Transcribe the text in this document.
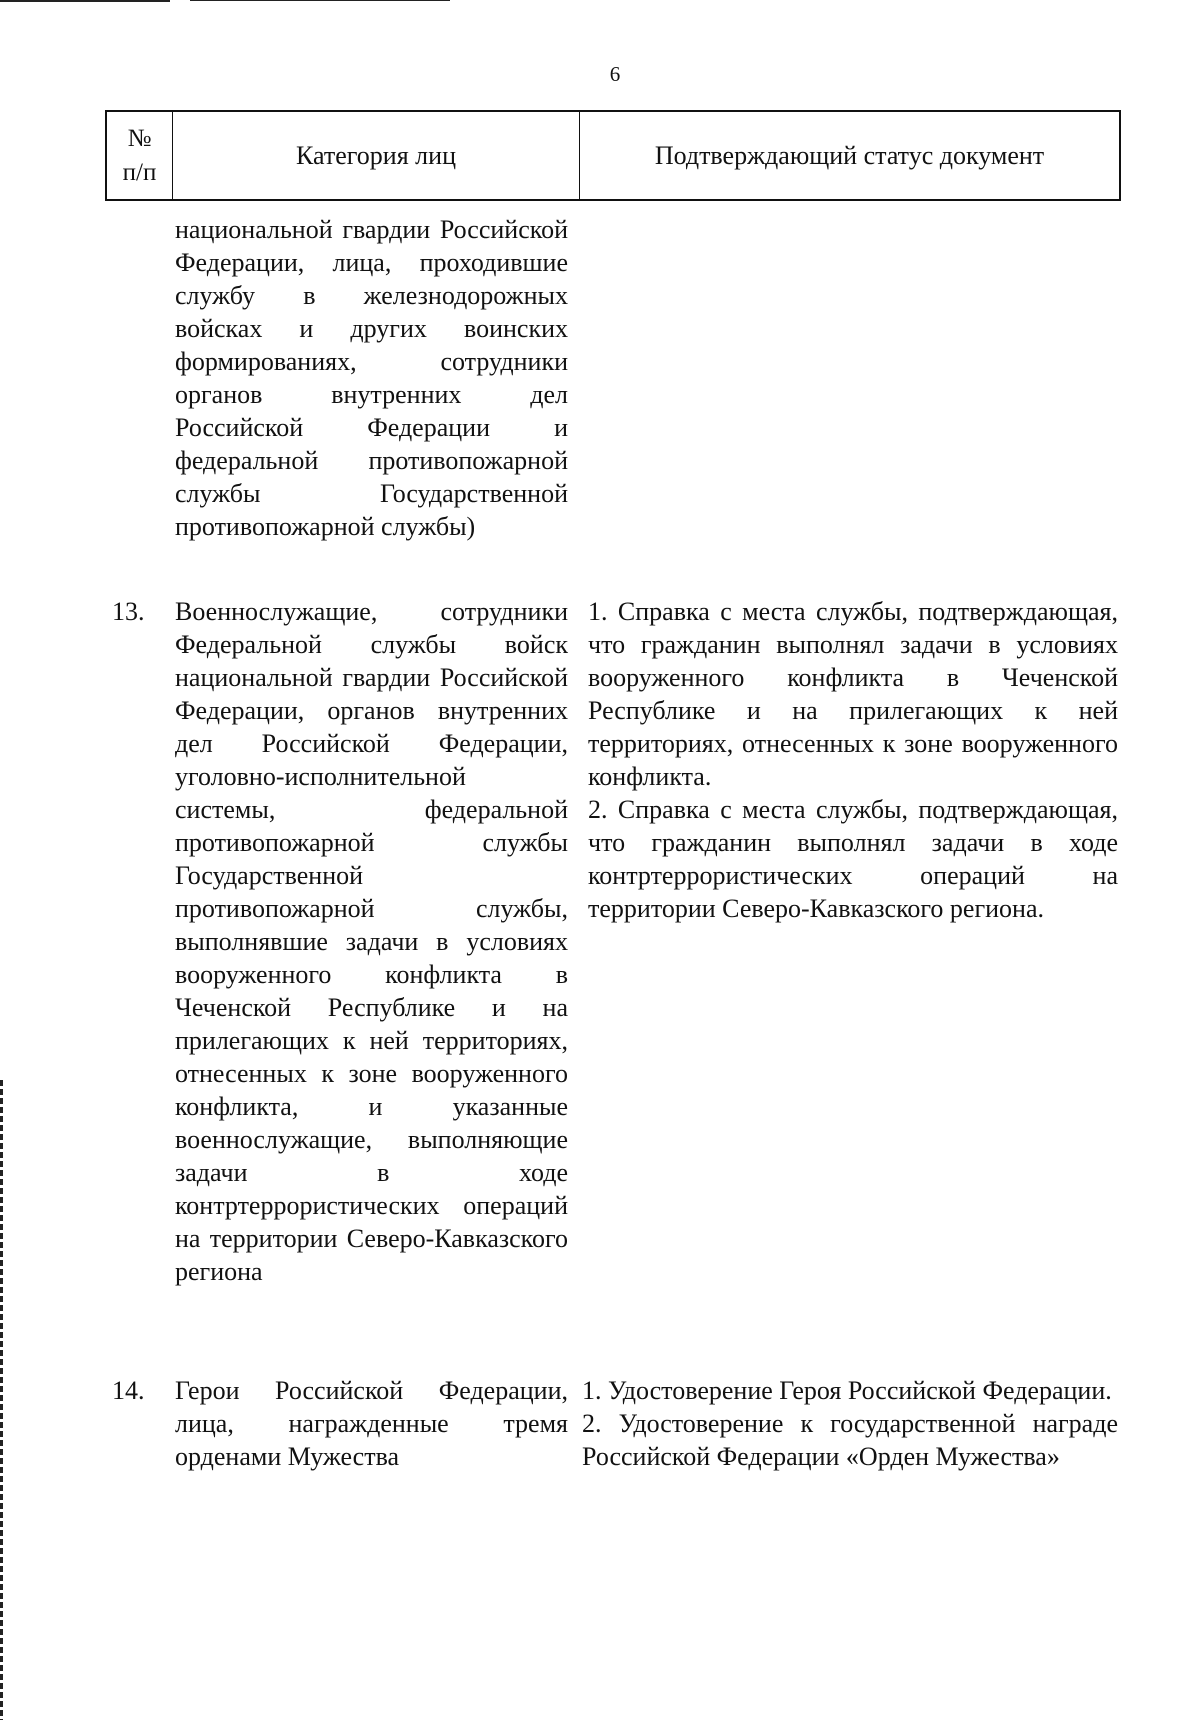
6
№
п/п
Категория лиц	Подтверждающий статус документ

национальной гвардии Российской Федерации, лица, проходившие службу в железнодорожных войсках и других воинских формированиях, сотрудники органов внутренних дел Российской Федерации и федеральной противопожарной службы Государственной противопожарной службы)

13. Военнослужащие, сотрудники Федеральной службы войск национальной гвардии Российской Федерации, органов внутренних дел Российской Федерации, уголовно-исполнительной системы, федеральной противопожарной службы Государственной противопожарной службы, выполнявшие задачи в условиях вооруженного конфликта в Чеченской Республике и на прилегающих к ней территориях, отнесенных к зоне вооруженного конфликта, и указанные военнослужащие, выполняющие задачи в ходе контртеррористических операций на территории Северо-Кавказского региона

1. Справка с места службы, подтверждающая, что гражданин выполнял задачи в условиях вооруженного конфликта в Чеченской Республике и на прилегающих к ней территориях, отнесенных к зоне вооруженного конфликта.

2. Справка с места службы, подтверждающая, что гражданин выполнял задачи в ходе контртеррористических операций на территории Северо-Кавказского региона.

14. Герои Российской Федерации, лица, награжденные тремя орденами Мужества

1. Удостоверение Героя Российской Федерации.

2. Удостоверение к государственной награде Российской Федерации «Орден Мужества»
